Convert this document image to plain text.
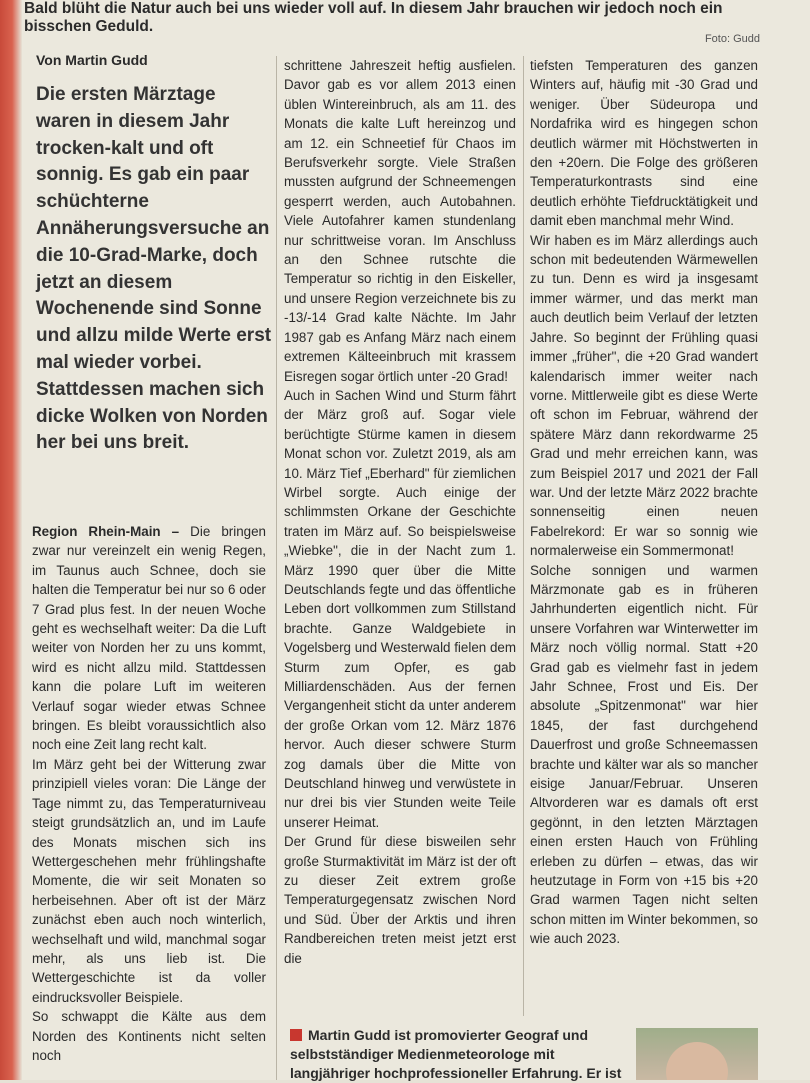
Bald blüht die Natur auch bei uns wieder voll auf. In diesem Jahr brauchen wir jedoch noch ein bisschen Geduld.
Foto: Gudd
Von Martin Gudd
Die ersten Märztage waren in diesem Jahr trocken-kalt und oft sonnig. Es gab ein paar schüchterne Annäherungsversuche an die 10-Grad-Marke, doch jetzt an diesem Wochenende sind Sonne und allzu milde Werte erst mal wieder vorbei. Stattdessen machen sich dicke Wolken von Norden her bei uns breit.

Region Rhein-Main – Die bringen zwar nur vereinzelt ein wenig Regen, im Taunus auch Schnee, doch sie halten die Temperatur bei nur so 6 oder 7 Grad plus fest. In der neuen Woche geht es wechselhaft weiter: Da die Luft weiter von Norden her zu uns kommt, wird es nicht allzu mild. Stattdessen kann die polare Luft im weiteren Verlauf sogar wieder etwas Schnee bringen. Es bleibt voraussichtlich also noch eine Zeit lang recht kalt.

Im März geht bei der Witterung zwar prinzipiell vieles voran: Die Länge der Tage nimmt zu, das Temperaturniveau steigt grundsätzlich an, und im Laufe des Monats mischen sich ins Wettergeschehen mehr frühlingshafte Momente, die wir seit Monaten so herbeisehnen. Aber oft ist der März zunächst eben auch noch winterlich, wechselhaft und wild, manchmal sogar mehr, als uns lieb ist. Die Wettergeschichte ist da voller eindrucksvoller Beispiele.

So schwappt die Kälte aus dem Norden des Kontinents nicht selten noch

schrittene Jahreszeit heftig ausfielen. Davor gab es vor allem 2013 einen üblen Wintereinbruch, als am 11. des Monats die kalte Luft hereinzog und am 12. ein Schneetief für Chaos im Berufsverkehr sorgte. Viele Straßen mussten aufgrund der Schneemengen gesperrt werden, auch Autobahnen. Viele Autofahrer kamen stundenlang nur schrittweise voran. Im Anschluss an den Schnee rutschte die Temperatur so richtig in den Eiskeller, und unsere Region verzeichnete bis zu -13/-14 Grad kalte Nächte. Im Jahr 1987 gab es Anfang März nach einem extremen Kälteeinbruch mit krassem Eisregen sogar örtlich unter -20 Grad!

Auch in Sachen Wind und Sturm fährt der März groß auf. Sogar viele berüchtigte Stürme kamen in diesem Monat schon vor. Zuletzt 2019, als am 10. März Tief „Eberhard" für ziemlichen Wirbel sorgte. Auch einige der schlimmsten Orkane der Geschichte traten im März auf. So beispielsweise „Wiebke", die in der Nacht zum 1. März 1990 quer über die Mitte Deutschlands fegte und das öffentliche Leben dort vollkommen zum Stillstand brachte. Ganze Waldgebiete in Vogelsberg und Westerwald fielen dem Sturm zum Opfer, es gab Milliardenschäden. Aus der fernen Vergangenheit sticht da unter anderem der große Orkan vom 12. März 1876 hervor. Auch dieser schwere Sturm zog damals über die Mitte von Deutschland hinweg und verwüstete in nur drei bis vier Stunden weite Teile unserer Heimat.

Der Grund für diese bisweilen sehr große Sturmaktivität im März ist der oft zu dieser Zeit extrem große Temperaturgegensatz zwischen Nord und Süd. Über der Arktis und ihren Randbereichen treten meist jetzt erst die

tiefsten Temperaturen des ganzen Winters auf, häufig mit -30 Grad und weniger. Über Südeuropa und Nordafrika wird es hingegen schon deutlich wärmer mit Höchstwerten in den +20ern. Die Folge des größeren Temperaturkontrasts sind eine deutlich erhöhte Tiefdrucktätigkeit und damit eben manchmal mehr Wind.

Wir haben es im März allerdings auch schon mit bedeutenden Wärmewellen zu tun. Denn es wird ja insgesamt immer wärmer, und das merkt man auch deutlich beim Verlauf der letzten Jahre. So beginnt der Frühling quasi immer „früher", die +20 Grad wandert kalendarisch immer weiter nach vorne. Mittlerweile gibt es diese Werte oft schon im Februar, während der spätere März dann rekordwarme 25 Grad und mehr erreichen kann, was zum Beispiel 2017 und 2021 der Fall war. Und der letzte März 2022 brachte sonnenseitig einen neuen Fabelrekord: Er war so sonnig wie normalerweise ein Sommermonat!

Solche sonnigen und warmen Märzmonate gab es in früheren Jahrhunderten eigentlich nicht. Für unsere Vorfahren war Winterwetter im März noch völlig normal. Statt +20 Grad gab es vielmehr fast in jedem Jahr Schnee, Frost und Eis. Der absolute „Spitzenmonat" war hier 1845, der fast durchgehend Dauerfrost und große Schneemassen brachte und kälter war als so mancher eisige Januar/Februar. Unseren Altvorderen war es damals oft erst gegönnt, in den letzten Märztagen einen ersten Hauch von Frühling erleben zu dürfen – etwas, das wir heutzutage in Form von +15 bis +20 Grad warmen Tagen nicht selten schon mitten im Winter bekommen, so wie auch 2023.

Martin Gudd ist promovierter Geograf und selbstständiger Medienmeteorologe mit langjähriger hochprofessioneller Erfahrung. Er ist
